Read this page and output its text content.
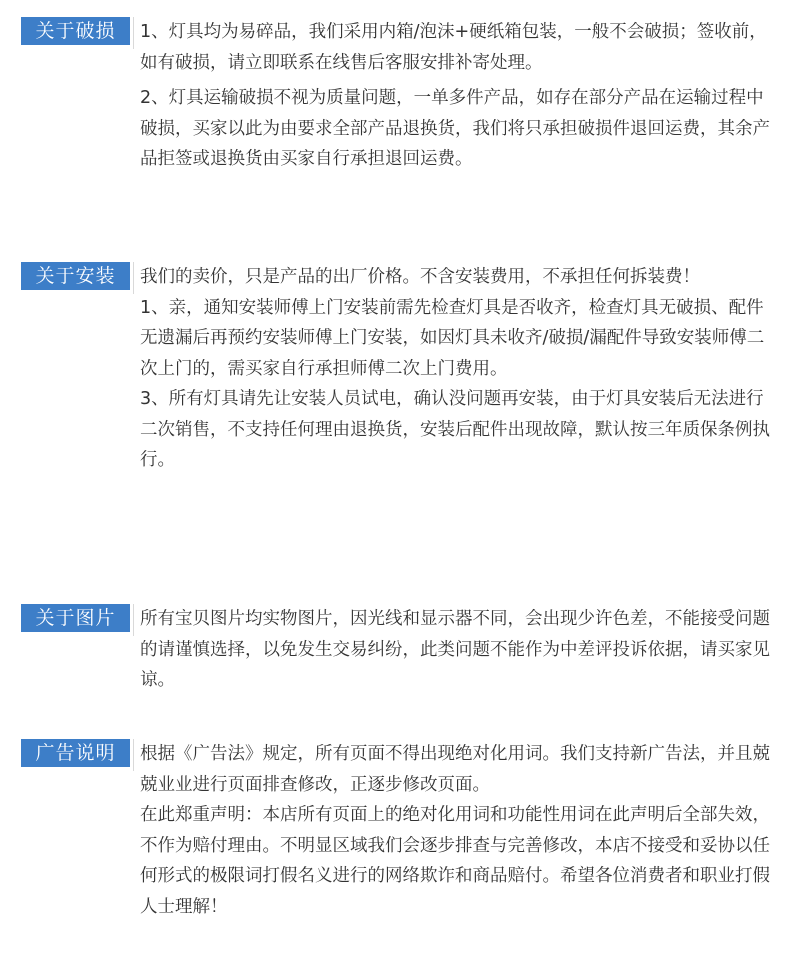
关于破损	1、灯具均为易碎品，我们采用内箱/泡沫+硬纸箱包装，一般不会破损；签收前，如有破损，请立即联系在线售后客服安排补寄处理。

2、灯具运输破损不视为质量问题，一单多件产品，如存在部分产品在运输过程中破损，买家以此为由要求全部产品退换货，我们将只承担破损件退回运费，其余产品拒签或退换货由买家自行承担退回运费。

关于安装	我们的卖价，只是产品的出厂价格。不含安装费用，不承担任何拆装费！

1、亲，通知安装师傅上门安装前需先检查灯具是否收齐，检查灯具无破损、配件无遗漏后再预约安装师傅上门安装，如因灯具未收齐/破损/漏配件导致安装师傅二次上门的，需买家自行承担师傅二次上门费用。

3、所有灯具请先让安装人员试电，确认没问题再安装，由于灯具安装后无法进行二次销售，不支持任何理由退换货，安装后配件出现故障，默认按三年质保条例执行。

关于图片	所有宝贝图片均实物图片，因光线和显示器不同，会出现少许色差，不能接受问题的请谨慎选择，以免发生交易纠纷，此类问题不能作为中差评投诉依据，请买家见谅。

广告说明	根据《广告法》规定，所有页面不得出现绝对化用词。我们支持新广告法，并且兢兢业业进行页面排查修改，正逐步修改页面。

在此郑重声明：本店所有页面上的绝对化用词和功能性用词在此声明后全部失效，不作为赔付理由。不明显区域我们会逐步排查与完善修改，本店不接受和妥协以任何形式的极限词打假名义进行的网络欺诈和商品赔付。希望各位消费者和职业打假人士理解！
